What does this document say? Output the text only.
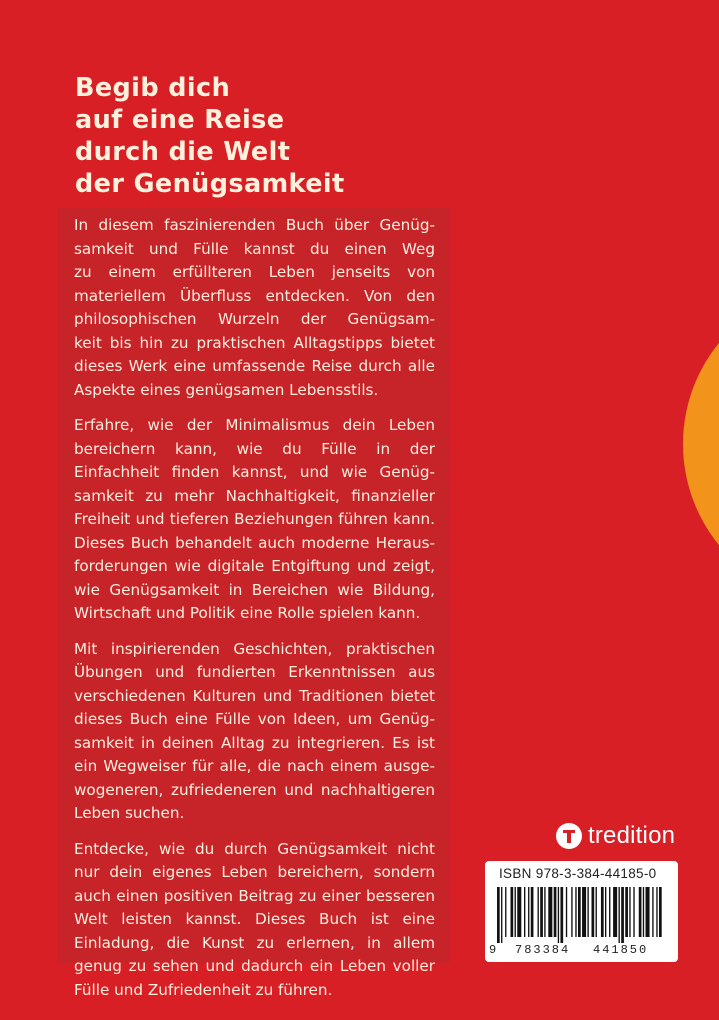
Begib dich
auf eine Reise
durch die Welt
der Genügsamkeit

In diesem faszinierenden Buch über Genüg-
samkeit und Fülle kannst du einen Weg
zu einem erfüllteren Leben jenseits von
materiellem Überfluss entdecken. Von den
philosophischen Wurzeln der Genügsam-
keit bis hin zu praktischen Alltagstipps bietet
dieses Werk eine umfassende Reise durch alle
Aspekte eines genügsamen Lebensstils.

Erfahre, wie der Minimalismus dein Leben
bereichern kann, wie du Fülle in der
Einfachheit finden kannst, und wie Genüg-
samkeit zu mehr Nachhaltigkeit, finanzieller
Freiheit und tieferen Beziehungen führen kann.
Dieses Buch behandelt auch moderne Heraus-
forderungen wie digitale Entgiftung und zeigt,
wie Genügsamkeit in Bereichen wie Bildung,
Wirtschaft und Politik eine Rolle spielen kann.

Mit inspirierenden Geschichten, praktischen
Übungen und fundierten Erkenntnissen aus
verschiedenen Kulturen und Traditionen bietet
dieses Buch eine Fülle von Ideen, um Genüg-
samkeit in deinen Alltag zu integrieren. Es ist
ein Wegweiser für alle, die nach einem ausge-
wogeneren, zufriedeneren und nachhaltigeren
Leben suchen.

Entdecke, wie du durch Genügsamkeit nicht
nur dein eigenes Leben bereichern, sondern
auch einen positiven Beitrag zu einer besseren
Welt leisten kannst. Dieses Buch ist eine
Einladung, die Kunst zu erlernen, in allem
genug zu sehen und dadurch ein Leben voller
Fülle und Zufriedenheit zu führen.

tredition
ISBN 978-3-384-44185-0
9 783384 441850
